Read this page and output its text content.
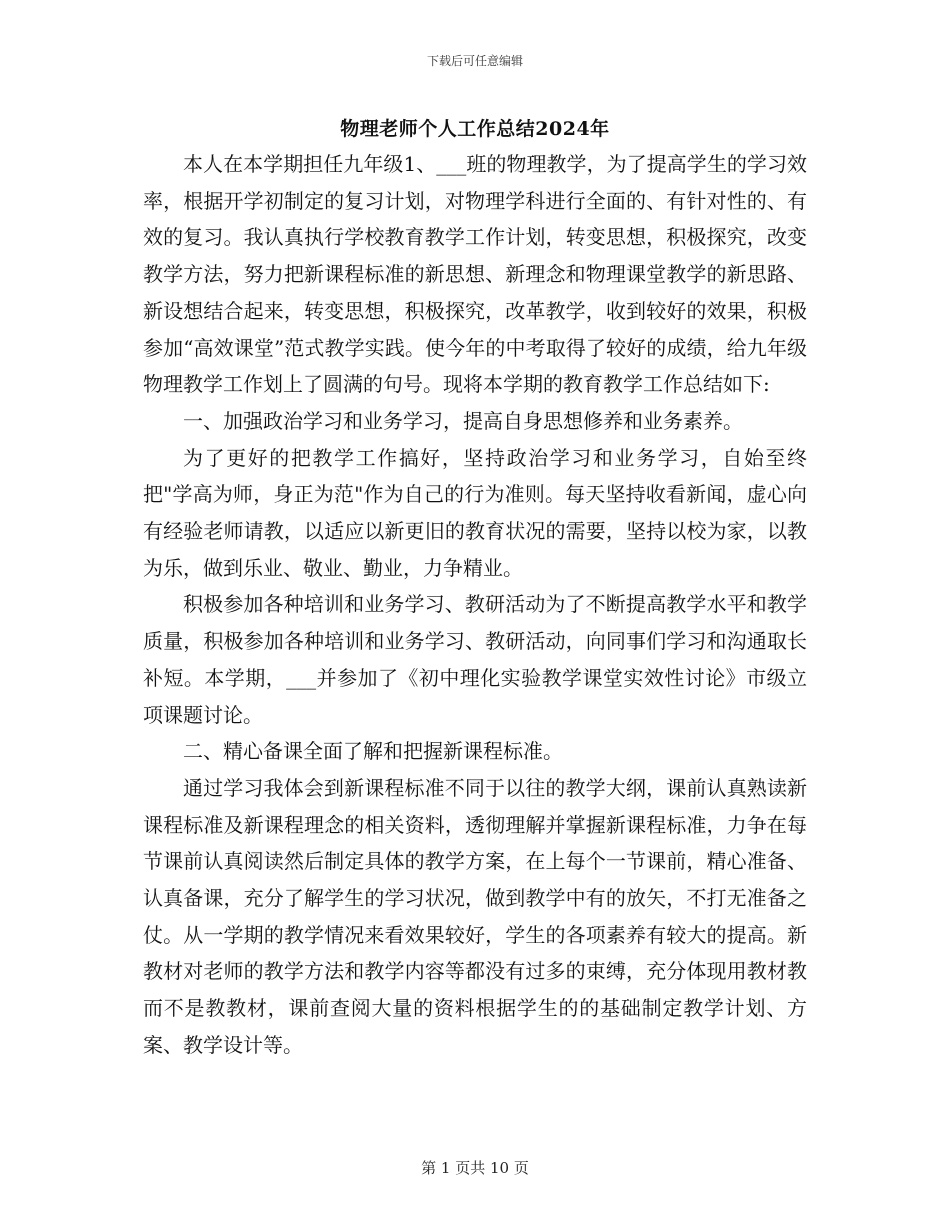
下载后可任意编辑
物理老师个人工作总结2024年

本人在本学期担任九年级1、___班的物理教学，为了提高学生的学习效率，根据开学初制定的复习计划，对物理学科进行全面的、有针对性的、有效的复习。我认真执行学校教育教学工作计划，转变思想，积极探究，改变教学方法，努力把新课程标准的新思想、新理念和物理课堂教学的新思路、新设想结合起来，转变思想，积极探究，改革教学，收到较好的效果，积极参加“高效课堂”范式教学实践。使今年的中考取得了较好的成绩，给九年级物理教学工作划上了圆满的句号。现将本学期的教育教学工作总结如下:

一、加强政治学习和业务学习，提高自身思想修养和业务素养。

为了更好的把教学工作搞好，坚持政治学习和业务学习，自始至终把"学高为师，身正为范"作为自己的行为准则。每天坚持收看新闻，虚心向有经验老师请教，以适应以新更旧的教育状况的需要，坚持以校为家，以教为乐，做到乐业、敬业、勤业，力争精业。

积极参加各种培训和业务学习、教研活动为了不断提高教学水平和教学质量，积极参加各种培训和业务学习、教研活动，向同事们学习和沟通取长补短。本学期，___并参加了《初中理化实验教学课堂实效性讨论》市级立项课题讨论。

二、精心备课全面了解和把握新课程标准。

通过学习我体会到新课程标准不同于以往的教学大纲，课前认真熟读新课程标准及新课程理念的相关资料，透彻理解并掌握新课程标准，力争在每节课前认真阅读然后制定具体的教学方案，在上每个一节课前，精心准备、认真备课，充分了解学生的学习状况，做到教学中有的放矢，不打无准备之仗。从一学期的教学情况来看效果较好，学生的各项素养有较大的提高。新教材对老师的教学方法和教学内容等都没有过多的束缚，充分体现用教材教而不是教教材，课前查阅大量的资料根据学生的的基础制定教学计划、方案、教学设计等。

第 1 页共 10 页
